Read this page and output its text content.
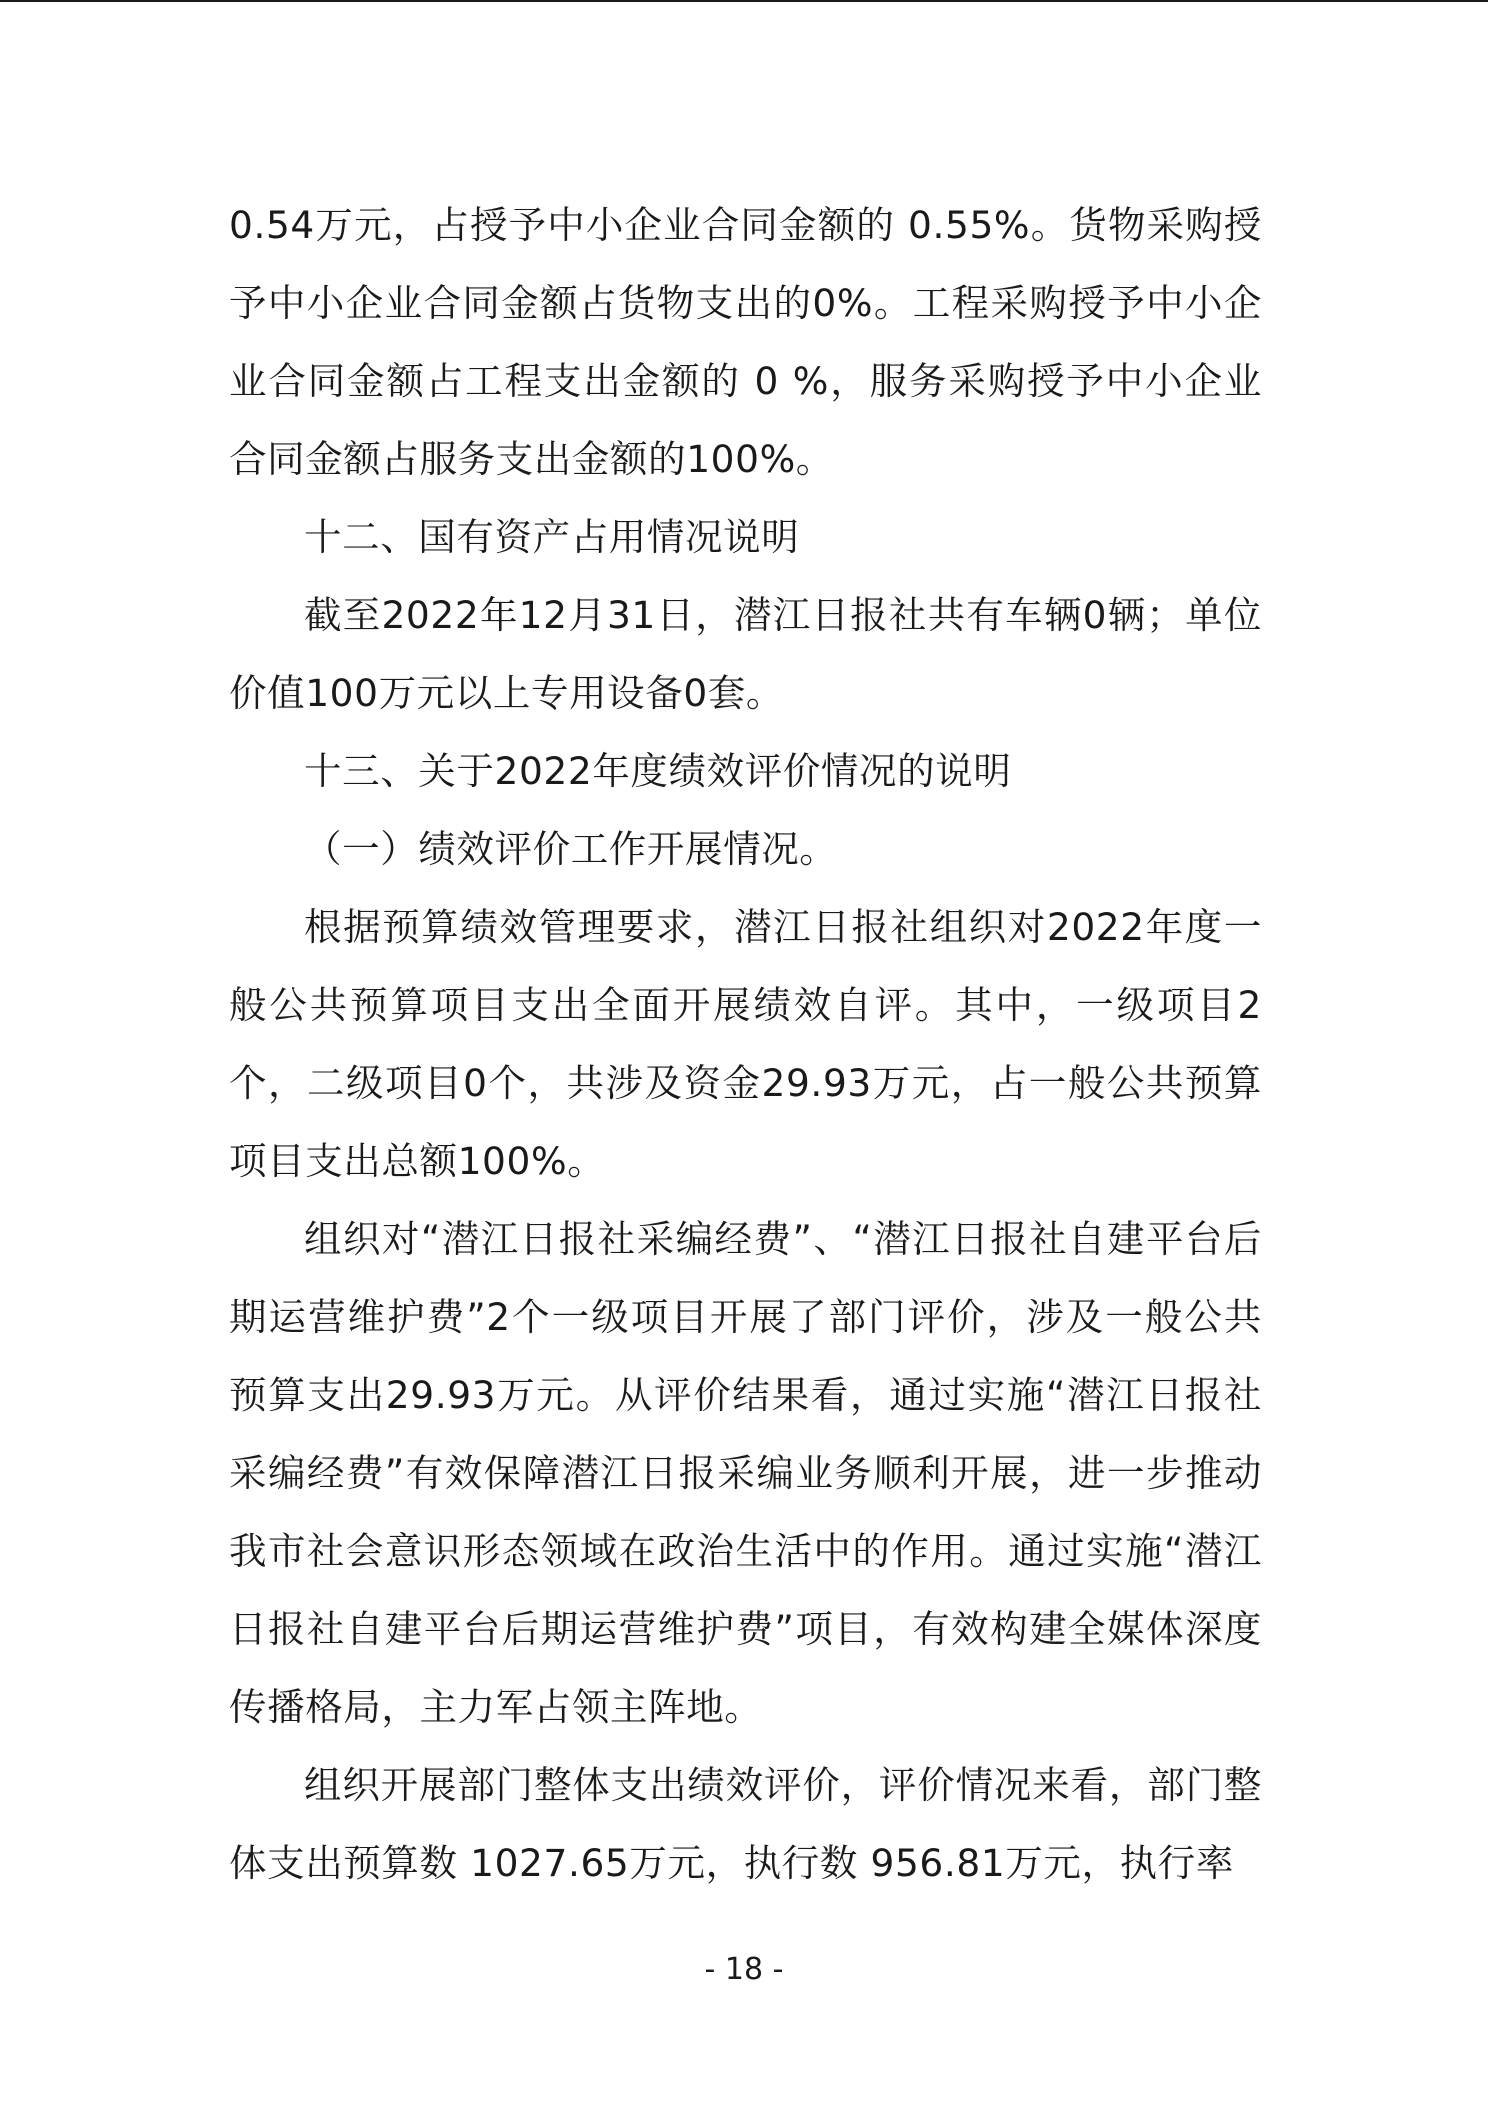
0.54万元，占授予中小企业合同金额的 0.55%。货物采购授予中小企业合同金额占货物支出的0%。工程采购授予中小企业合同金额占工程支出金额的 0 %，服务采购授予中小企业合同金额占服务支出金额的100%。

十二、国有资产占用情况说明

截至2022年12月31日，潜江日报社共有车辆0辆；单位价值100万元以上专用设备0套。

十三、关于2022年度绩效评价情况的说明

（一）绩效评价工作开展情况。

根据预算绩效管理要求，潜江日报社组织对2022年度一般公共预算项目支出全面开展绩效自评。其中，一级项目2个，二级项目0个，共涉及资金29.93万元，占一般公共预算项目支出总额100%。

组织对“潜江日报社采编经费”、“潜江日报社自建平台后期运营维护费”2个一级项目开展了部门评价，涉及一般公共预算支出29.93万元。从评价结果看，通过实施“潜江日报社采编经费”有效保障潜江日报采编业务顺利开展，进一步推动我市社会意识形态领域在政治生活中的作用。通过实施“潜江日报社自建平台后期运营维护费”项目，有效构建全媒体深度传播格局，主力军占领主阵地。

组织开展部门整体支出绩效评价，评价情况来看，部门整体支出预算数 1027.65万元，执行数 956.81万元，执行率

- 18 -
